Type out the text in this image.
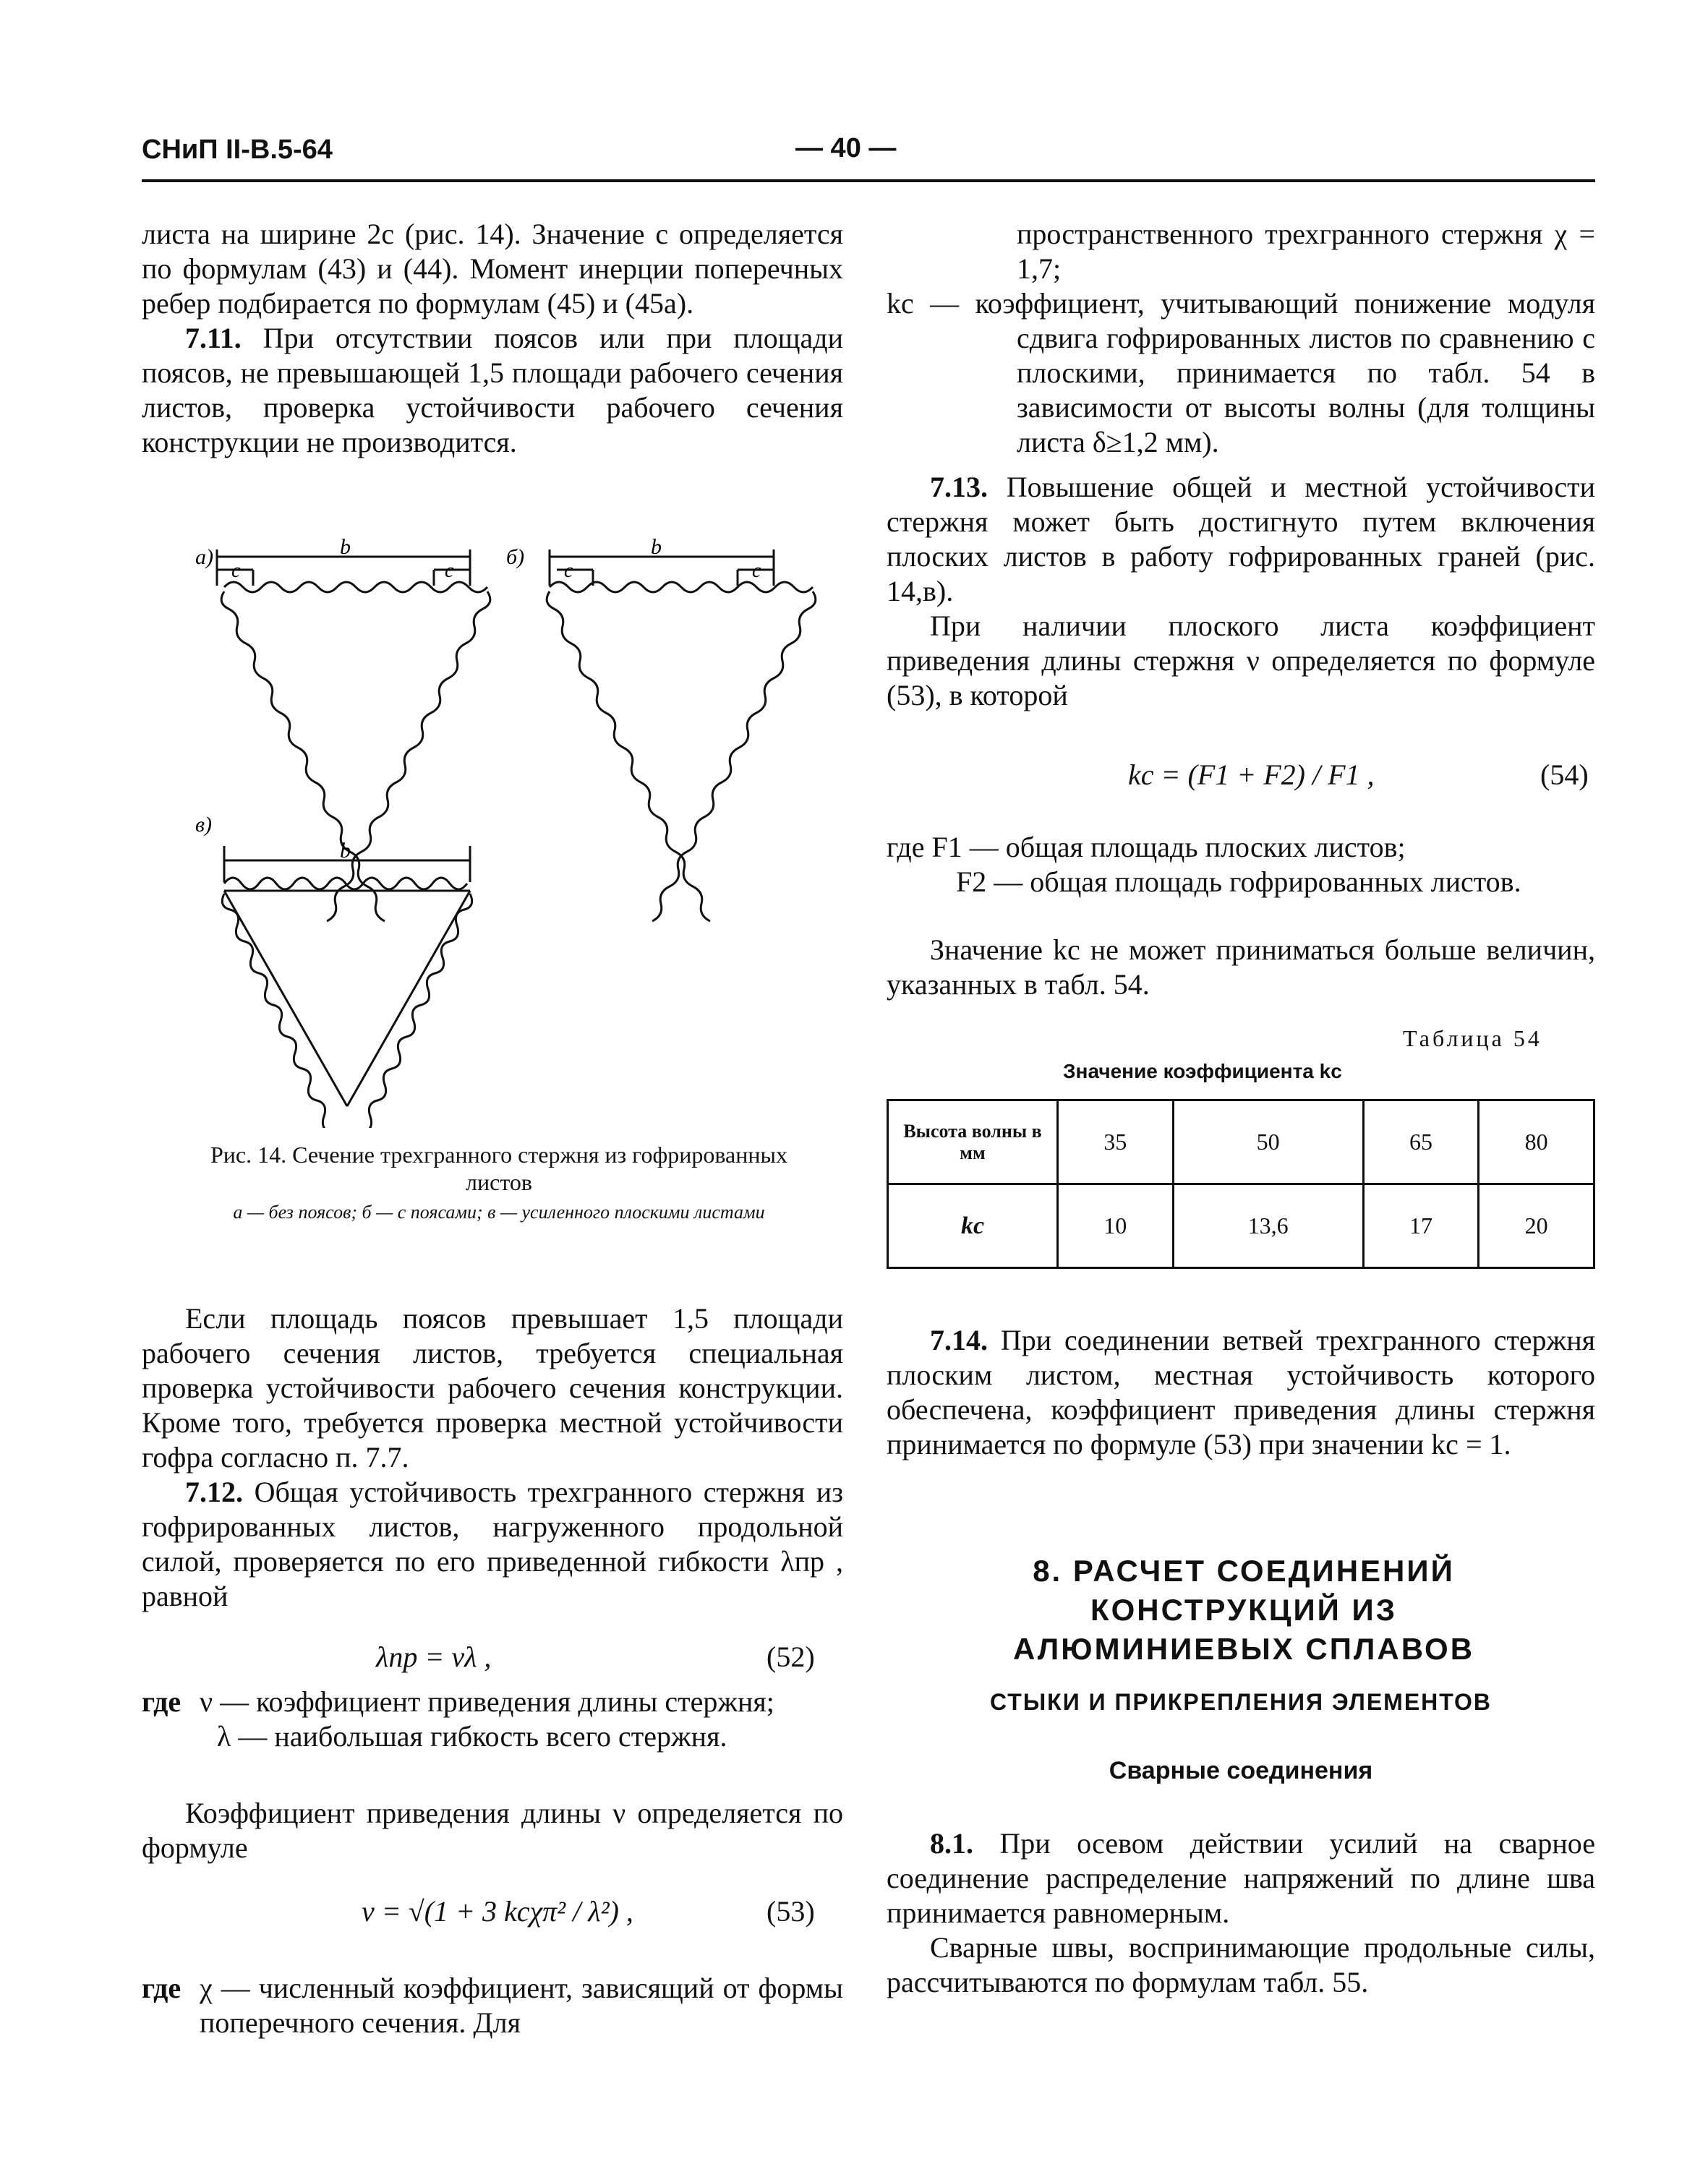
СНиП II-В.5-64	— 40 —

листа на ширине 2c (рис. 14). Значение c определяется по формулам (43) и (44). Момент инерции поперечных ребер подбирается по формулам (45) и (45а).

7.11. При отсутствии поясов или при площади поясов, не превышающей 1,5 площади рабочего сечения листов, проверка устойчивости рабочего сечения конструкции не производится.

а)	б)
в)
b
c	c
b
c	c
b
Рис. 14. Сечение трехгранного стержня из гофрированных листов
а — без поясов; б — с поясами; в — усиленного плоскими листами

Если площадь поясов превышает 1,5 площади рабочего сечения листов, требуется специальная проверка устойчивости рабочего сечения конструкции. Кроме того, требуется проверка местной устойчивости гофра согласно п. 7.7.

7.12. Общая устойчивость трехгранного стержня из гофрированных листов, нагруженного продольной силой, проверяется по его приведенной гибкости λпр , равной

λпр = νλ ,	(52)
где ν — коэффициент приведения длины стержня;
λ — наибольшая гибкость всего стержня.

Коэффициент приведения длины ν определяется по формуле

ν = √(1 + 3 kcχπ² / λ²) ,	(53)
где χ — численный коэффициент, зависящий от формы поперечного сечения. Для

пространственного трехгранного стержня χ = 1,7;

kc — коэффициент, учитывающий понижение модуля сдвига гофрированных листов по сравнению с плоскими, принимается по табл. 54 в зависимости от высоты волны (для толщины листа δ≥1,2 мм).

7.13. Повышение общей и местной устойчивости стержня может быть достигнуто путем включения плоских листов в работу гофрированных граней (рис. 14,в).

При наличии плоского листа коэффициент приведения длины стержня ν определяется по формуле (53), в которой

kc = (F1 + F2) / F1 ,	(54)
где F1 — общая площадь плоских листов;
F2 — общая площадь гофрированных листов.

Значение kc не может приниматься больше величин, указанных в табл. 54.

Таблица 54
Значение коэффициента kc
Высота волны в мм	35	50	65	80
kc	10	13,6	17	20

7.14. При соединении ветвей трехгранного стержня плоским листом, местная устойчивость которого обеспечена, коэффициент приведения длины стержня принимается по формуле (53) при значении kc = 1.

8. РАСЧЕТ СОЕДИНЕНИЙ КОНСТРУКЦИЙ ИЗ АЛЮМИНИЕВЫХ СПЛАВОВ
СТЫКИ И ПРИКРЕПЛЕНИЯ ЭЛЕМЕНТОВ
Сварные соединения

8.1. При осевом действии усилий на сварное соединение распределение напряжений по длине шва принимается равномерным.

Сварные швы, воспринимающие продольные силы, рассчитываются по формулам табл. 55.
